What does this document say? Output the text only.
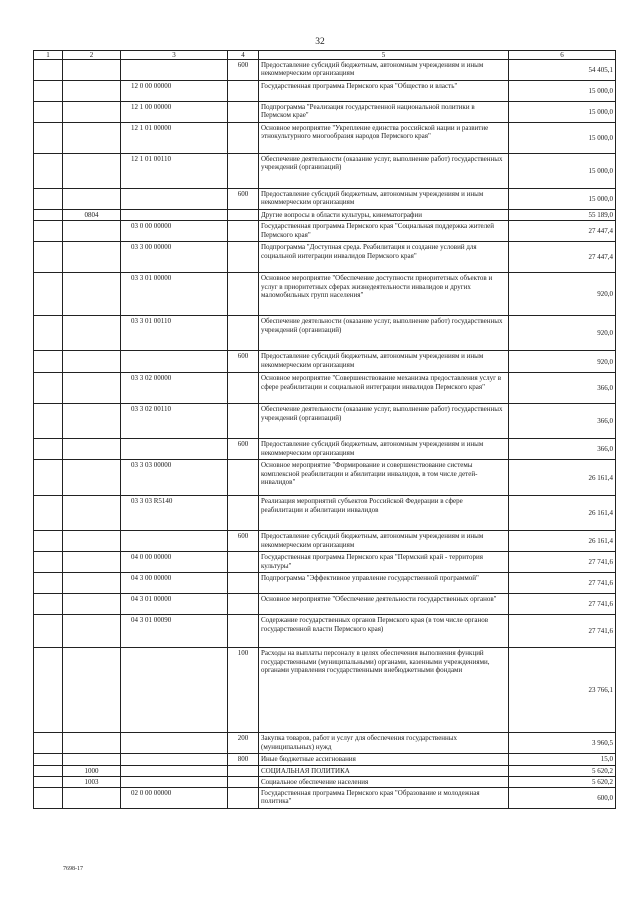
32
1	2	3	4	5	6
			600	Предоставление субсидий бюджетным, автономным учреждениям и иным некоммерческим организациям	54 405,1
		12 0 00 00000		Государственная программа Пермского края "Общество и власть"	15 000,0
		12 1 00 00000		Подпрограмма "Реализация государственной национальной политики в Пермском крае"	15 000,0
		12 1 01 00000		Основное мероприятие "Укрепление единства российской нации и развитие этнокультурного многообразия народов Пермского края"	15 000,0
		12 1 01 00110		Обеспечение деятельности (оказание услуг, выполнение работ) государственных учреждений (организаций)	15 000,0
			600	Предоставление субсидий бюджетным, автономным учреждениям и иным некоммерческим организациям	15 000,0
	0804			Другие вопросы в области культуры, кинематографии	55 189,0
		03 0 00 00000		Государственная программа Пермского края "Социальная поддержка жителей Пермского края"	27 447,4
		03 3 00 00000		Подпрограмма "Доступная среда. Реабилитация и создание условий для социальной интеграции инвалидов Пермского края"	27 447,4
		03 3 01 00000		Основное мероприятие "Обеспечение доступности приоритетных объектов и услуг в приоритетных сферах жизнедеятельности инвалидов и других маломобильных групп населения"	920,0
		03 3 01 00110		Обеспечение деятельности (оказание услуг, выполнение работ) государственных учреждений (организаций)	920,0
			600	Предоставление субсидий бюджетным, автономным учреждениям и иным некоммерческим организациям	920,0
		03 3 02 00000		Основное мероприятие "Совершенствование механизма предоставления услуг в сфере реабилитации и социальной интеграции инвалидов Пермского края"	366,0
		03 3 02 00110		Обеспечение деятельности (оказание услуг, выполнение работ) государственных учреждений (организаций)	366,0
			600	Предоставление субсидий бюджетным, автономным учреждениям и иным некоммерческим организациям	366,0
		03 3 03 00000		Основное мероприятие "Формирование и совершенствование системы комплексной реабилитации и абилитации инвалидов, в том числе детей-инвалидов"	26 161,4
		03 3 03 R5140		Реализация мероприятий субъектов Российской Федерации в сфере реабилитации и абилитации инвалидов	26 161,4
			600	Предоставление субсидий бюджетным, автономным учреждениям и иным некоммерческим организациям	26 161,4
		04 0 00 00000		Государственная программа Пермского края "Пермский край - территория культуры"	27 741,6
		04 3 00 00000		Подпрограмма "Эффективное управление государственной программой"	27 741,6
		04 3 01 00000		Основное мероприятие "Обеспечение деятельности государственных органов"	27 741,6
		04 3 01 00090		Содержание государственных органов Пермского края (в том числе органов государственной власти Пермского края)	27 741,6
			100	Расходы на выплаты персоналу в целях обеспечения выполнения функций государственными (муниципальными) органами, казенными учреждениями, органами управления государственными внебюджетными фондами	23 766,1
			200	Закупка товаров, работ и услуг для обеспечения государственных (муниципальных) нужд	3 960,5
			800	Иные бюджетные ассигнования	15,0
	1000			СОЦИАЛЬНАЯ ПОЛИТИКА	5 620,2
	1003			Социальное обеспечение населения	5 620,2
		02 0 00 00000		Государственная программа Пермского края "Образование и молодежная политика"	600,0
7698-17
